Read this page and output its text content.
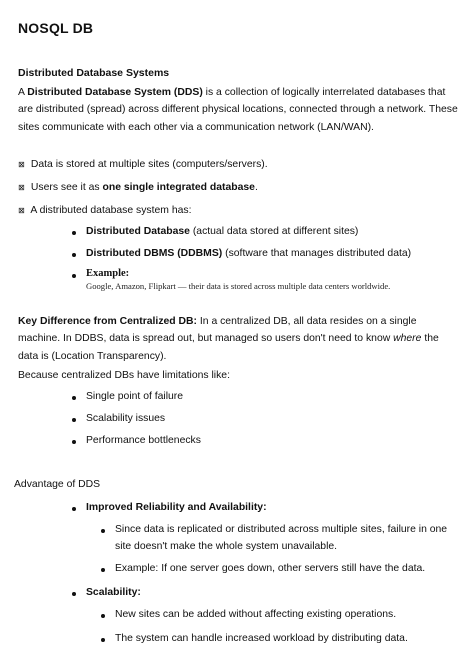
NOSQL DB
Distributed Database Systems
A Distributed Database System (DDS) is a collection of logically interrelated databases that are distributed (spread) across different physical locations, connected through a network. These sites communicate with each other via a communication network (LAN/WAN).
⊠ Data is stored at multiple sites (computers/servers).
⊠ Users see it as one single integrated database.
⊠ A distributed database system has:
Distributed Database (actual data stored at different sites)
Distributed DBMS (DDBMS) (software that manages distributed data)
Example:
Google, Amazon, Flipkart — their data is stored across multiple data centers worldwide.
Key Difference from Centralized DB: In a centralized DB, all data resides on a single machine. In DDBS, data is spread out, but managed so users don't need to know where the data is (Location Transparency).
Because centralized DBs have limitations like:
Single point of failure
Scalability issues
Performance bottlenecks
Advantage of DDS
Improved Reliability and Availability:
Since data is replicated or distributed across multiple sites, failure in one site doesn't make the whole system unavailable.
Example: If one server goes down, other servers still have the data.
Scalability:
New sites can be added without affecting existing operations.
The system can handle increased workload by distributing data.
